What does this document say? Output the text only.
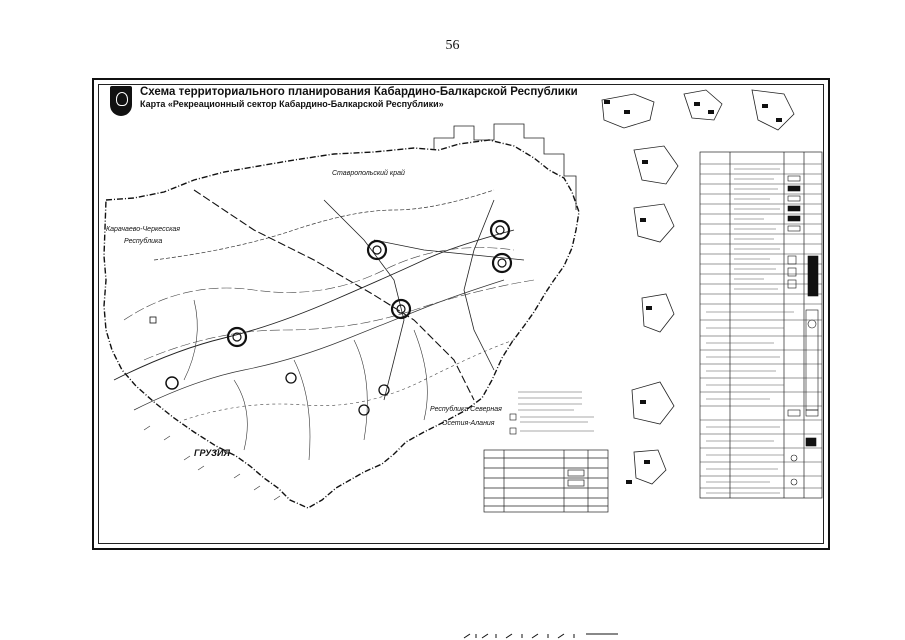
56
Схема территориального планирования Кабардино-Балкарской Республики
Карта «Рекреационный сектор Кабардино-Балкарской Республики»
Ставропольский край
Карачаево-Черкесская
Республика
Республика Северная
Осетия-Алания
ГРУЗИЯ
